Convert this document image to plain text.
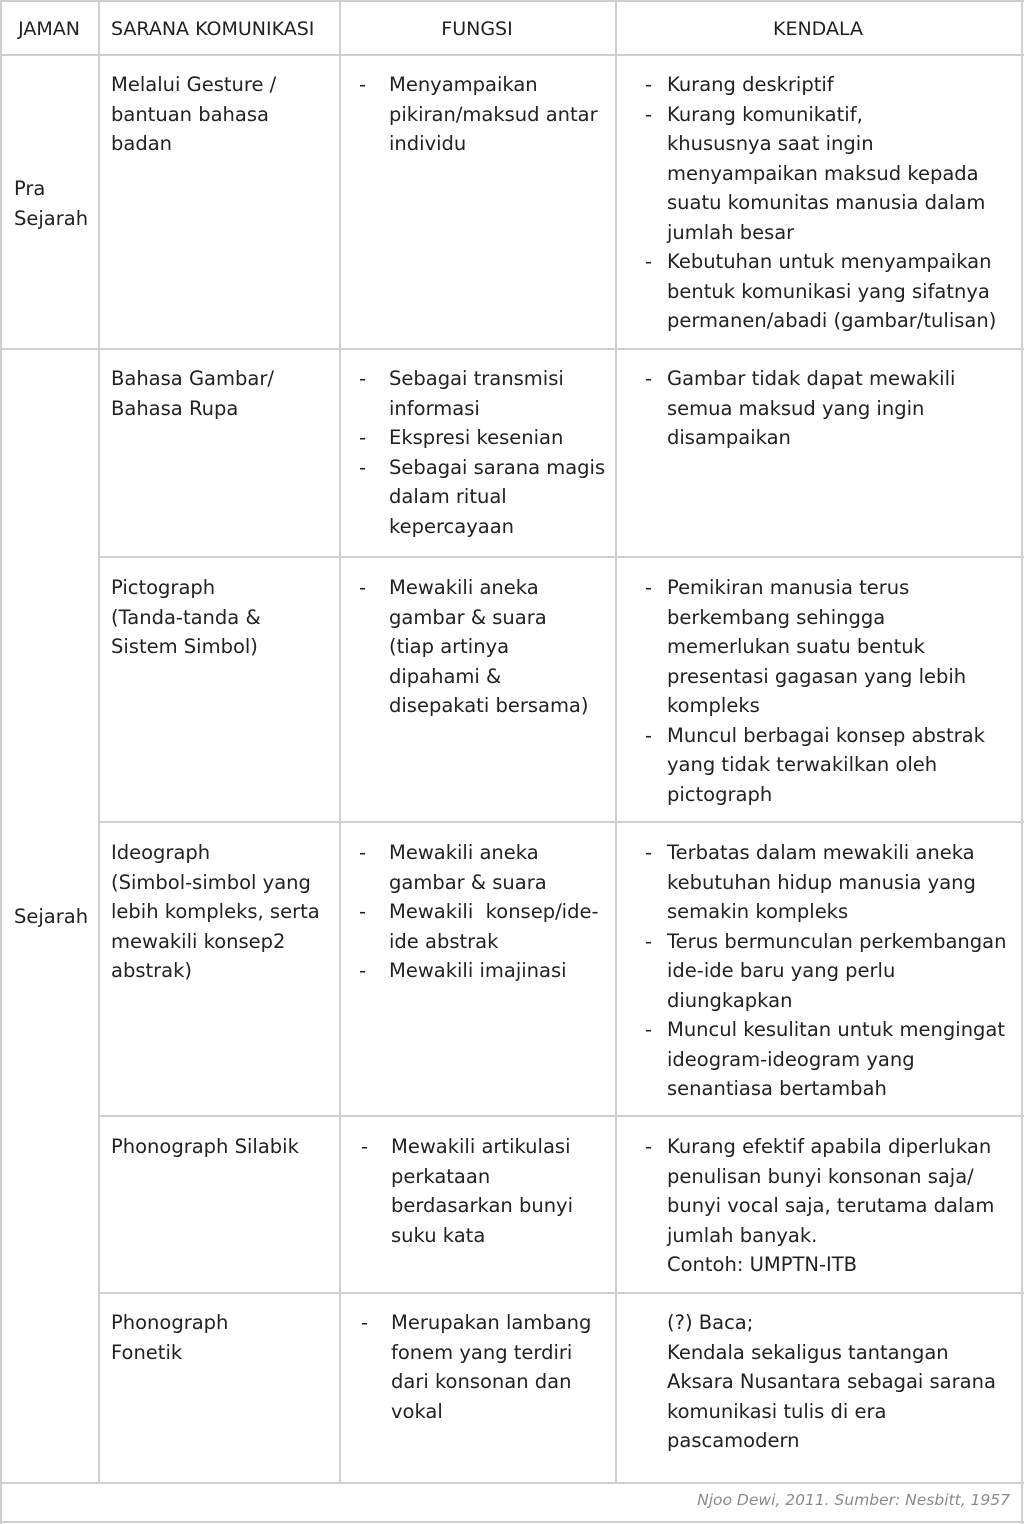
JAMAN	SARANA KOMUNIKASI	FUNGSI	KENDALA
Pra
Sejarah
Sejarah
Melalui Gesture /
bantuan bahasa
badan
- Menyampaikan
pikiran/maksud antar
individu
- Kurang deskriptif
- Kurang komunikatif,
khususnya saat ingin
menyampaikan maksud kepada
suatu komunitas manusia dalam
jumlah besar
- Kebutuhan untuk menyampaikan
bentuk komunikasi yang sifatnya
permanen/abadi (gambar/tulisan)
Bahasa Gambar/
Bahasa Rupa
- Sebagai transmisi
informasi
- Ekspresi kesenian
- Sebagai sarana magis
dalam ritual
kepercayaan
- Gambar tidak dapat mewakili
semua maksud yang ingin
disampaikan
Pictograph
(Tanda-tanda &
Sistem Simbol)
- Mewakili aneka
gambar & suara
(tiap artinya
dipahami &
disepakati bersama)
- Pemikiran manusia terus
berkembang sehingga
memerlukan suatu bentuk
presentasi gagasan yang lebih
kompleks
- Muncul berbagai konsep abstrak
yang tidak terwakilkan oleh
pictograph
Ideograph
(Simbol-simbol yang
lebih kompleks, serta
mewakili konsep2
abstrak)
- Mewakili aneka
gambar & suara
- Mewakili  konsep/ide-
ide abstrak
- Mewakili imajinasi
- Terbatas dalam mewakili aneka
kebutuhan hidup manusia yang
semakin kompleks
- Terus bermunculan perkembangan
ide-ide baru yang perlu
diungkapkan
- Muncul kesulitan untuk mengingat
ideogram-ideogram yang
senantiasa bertambah
Phonograph Silabik
-	Mewakili artikulasi
perkataan
berdasarkan bunyi
suku kata
- Kurang efektif apabila diperlukan
penulisan bunyi konsonan saja/
bunyi vocal saja, terutama dalam
jumlah banyak.
Contoh: UMPTN-ITB
Phonograph
Fonetik
- Merupakan lambang
fonem yang terdiri
dari konsonan dan
vokal
(?) Baca;
Kendala sekaligus tantangan
Aksara Nusantara sebagai sarana
komunikasi tulis di era
pascamodern
Njoo Dewi, 2011. Sumber: Nesbitt, 1957
